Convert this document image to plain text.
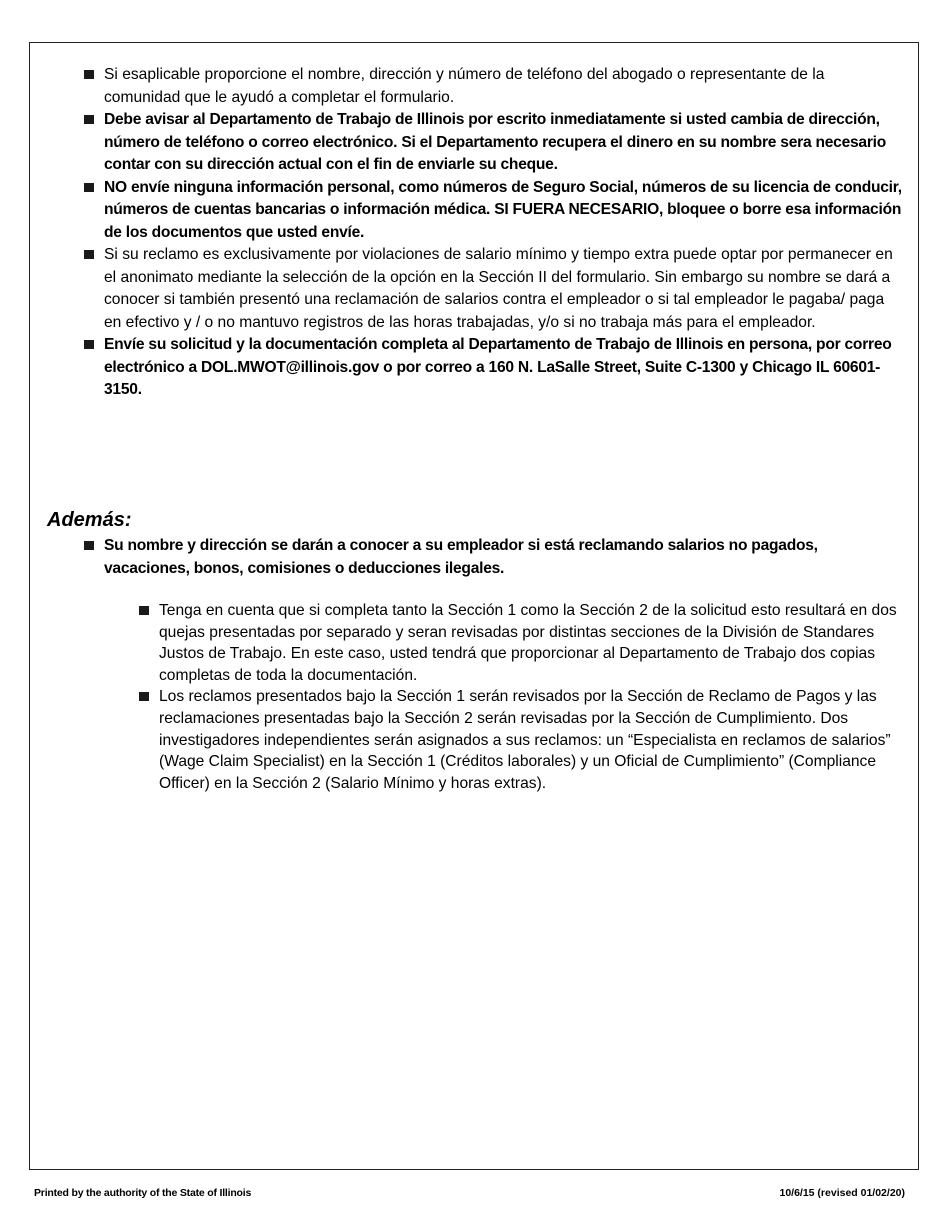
Si esaplicable proporcione el nombre, dirección y número de teléfono del abogado o representante de la comunidad que le ayudó a completar el formulario.
Debe avisar al Departamento de Trabajo de Illinois por escrito inmediatamente si usted cambia de dirección, número de teléfono o correo electrónico. Si el Departamento recupera el dinero en su nombre sera necesario contar con su dirección actual con el fin de enviarle su cheque.
NO envíe ninguna información personal, como números de Seguro Social, números de su licencia de conducir, números de cuentas bancarias o información médica. SI FUERA NECESARIO, bloquee o borre esa información de los documentos que usted envíe.
Si su reclamo es exclusivamente por violaciones de salario mínimo y tiempo extra puede optar por permanecer en el anonimato mediante la selección de la opción en la Sección II del formulario. Sin embargo su nombre se dará a conocer si también presentó una reclamación de salarios contra el empleador o si tal empleador le pagaba/ paga en efectivo y / o no mantuvo registros de las horas trabajadas, y/o si no trabaja más para el empleador.
Envíe su solicitud y la documentación completa al Departamento de Trabajo de Illinois en persona, por correo electrónico a DOL.MWOT@illinois.gov o por correo a 160 N. LaSalle Street, Suite C-1300 y Chicago IL 60601-3150.
Además:
Su nombre y dirección se darán a conocer a su empleador si está reclamando salarios no pagados, vacaciones, bonos, comisiones o deducciones ilegales.
Tenga en cuenta que si completa tanto la Sección 1 como la Sección 2 de la solicitud esto resultará en dos quejas presentadas por separado y seran revisadas por distintas secciones de la División de Standares Justos de Trabajo. En este caso, usted tendrá que proporcionar al Departamento de Trabajo dos copias completas de toda la documentación.
Los reclamos presentados bajo la Sección 1 serán revisados por la Sección de Reclamo de Pagos y las reclamaciones presentadas bajo la Sección 2 serán revisadas por la Sección de Cumplimiento. Dos investigadores independientes serán asignados a sus reclamos: un “Especialista en reclamos de salarios” (Wage Claim Specialist) en la Sección 1 (Créditos laborales) y un Oficial de Cumplimiento” (Compliance Officer) en la Sección 2 (Salario Mínimo y horas extras).
Printed by the authority of the State of Illinois	10/6/15 (revised 01/02/20)
